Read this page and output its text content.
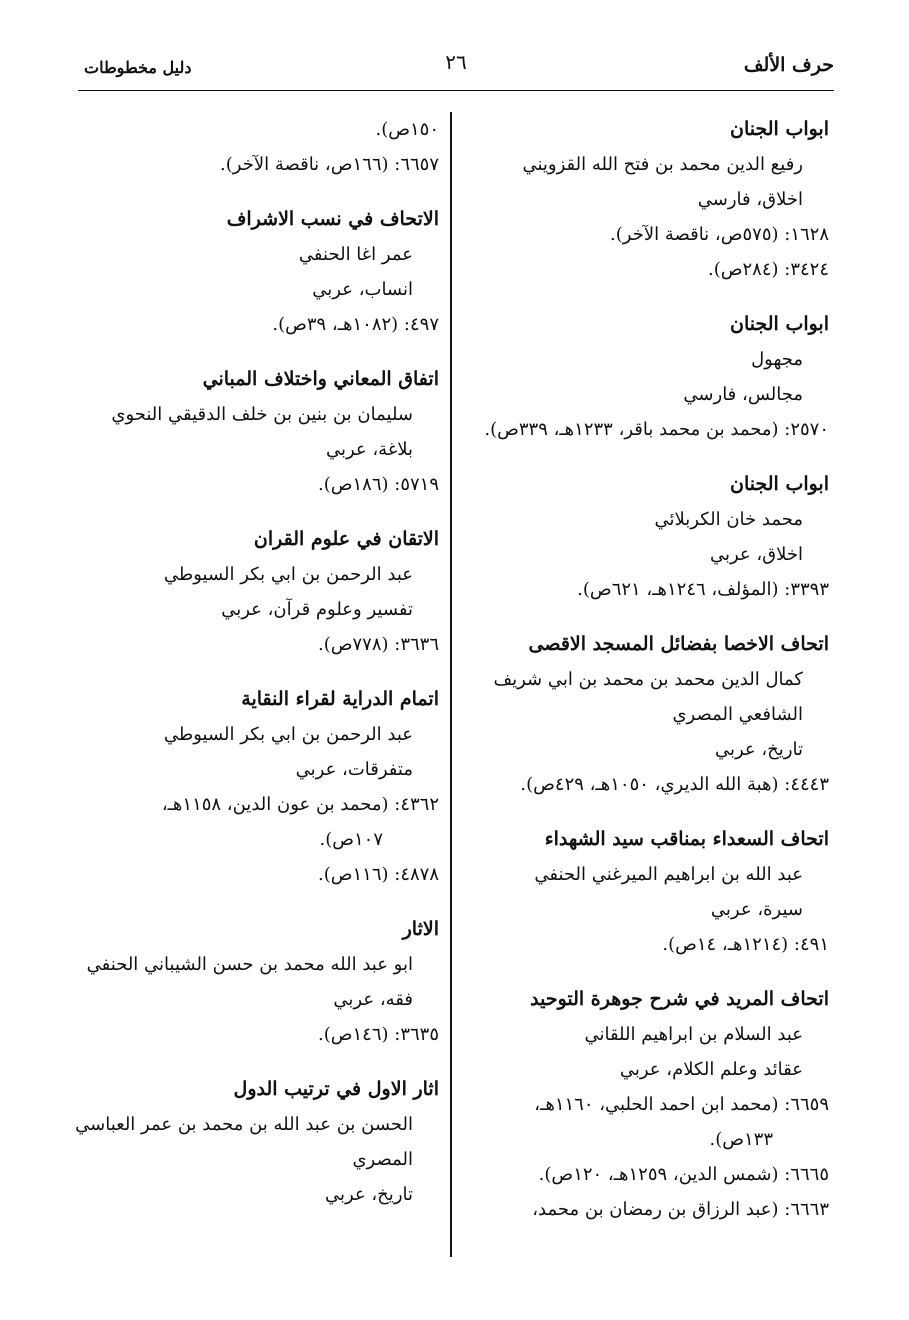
حرف الألف
٢٦
دليل مخطوطات
ابواب الجنان
رفيع الدين محمد بن فتح الله القزويني
اخلاق، فارسي
١٦٢٨: (٥٧٥ص، ناقصة الآخر).
٣٤٢٤: (٢٨٤ص).
ابواب الجنان
مجهول
مجالس، فارسي
٢٥٧٠: (محمد بن محمد باقر، ١٢٣٣هـ، ٣٣٩ص).
ابواب الجنان
محمد خان الكربلائي
اخلاق، عربي
٣٣٩٣: (المؤلف، ١٢٤٦هـ، ٦٢١ص).
اتحاف الاخصا بفضائل المسجد الاقصى
كمال الدين محمد بن محمد بن ابي شريف
الشافعي المصري
تاريخ، عربي
٤٤٤٣: (هبة الله الديري، ١٠٥٠هـ، ٤٢٩ص).
اتحاف السعداء بمناقب سيد الشهداء
عبد الله بن ابراهيم الميرغني الحنفي
سيرة، عربي
٤٩١: (١٢١٤هـ، ١٤ص).
اتحاف المريد في شرح جوهرة التوحيد
عبد السلام بن ابراهيم اللقاني
عقائد وعلم الكلام، عربي
٦٦٥٩: (محمد ابن احمد الحلبي، ١١٦٠هـ،
١٣٣ص).
٦٦٦٥: (شمس الدين، ١٢٥٩هـ، ١٢٠ص).
٦٦٦٣: (عبد الرزاق بن رمضان بن محمد،
١٥٠ص).
٦٦٥٧: (١٦٦ص، ناقصة الآخر).
الاتحاف في نسب الاشراف
عمر اغا الحنفي
انساب، عربي
٤٩٧: (١٠٨٢هـ، ٣٩ص).
اتفاق المعاني واختلاف المباني
سليمان بن بنين بن خلف الدقيقي النحوي
بلاغة، عربي
٥٧١٩: (١٨٦ص).
الاتقان في علوم القران
عبد الرحمن بن ابي بكر السيوطي
تفسير وعلوم قرآن، عربي
٣٦٣٦: (٧٧٨ص).
اتمام الدراية لقراء النقاية
عبد الرحمن بن ابي بكر السيوطي
متفرقات، عربي
٤٣٦٢: (محمد بن عون الدين، ١١٥٨هـ،
١٠٧ص).
٤٨٧٨: (١١٦ص).
الاثار
ابو عبد الله محمد بن حسن الشيباني الحنفي
فقه، عربي
٣٦٣٥: (١٤٦ص).
اثار الاول في ترتيب الدول
الحسن بن عبد الله بن محمد بن عمر العباسي
المصري
تاريخ، عربي
